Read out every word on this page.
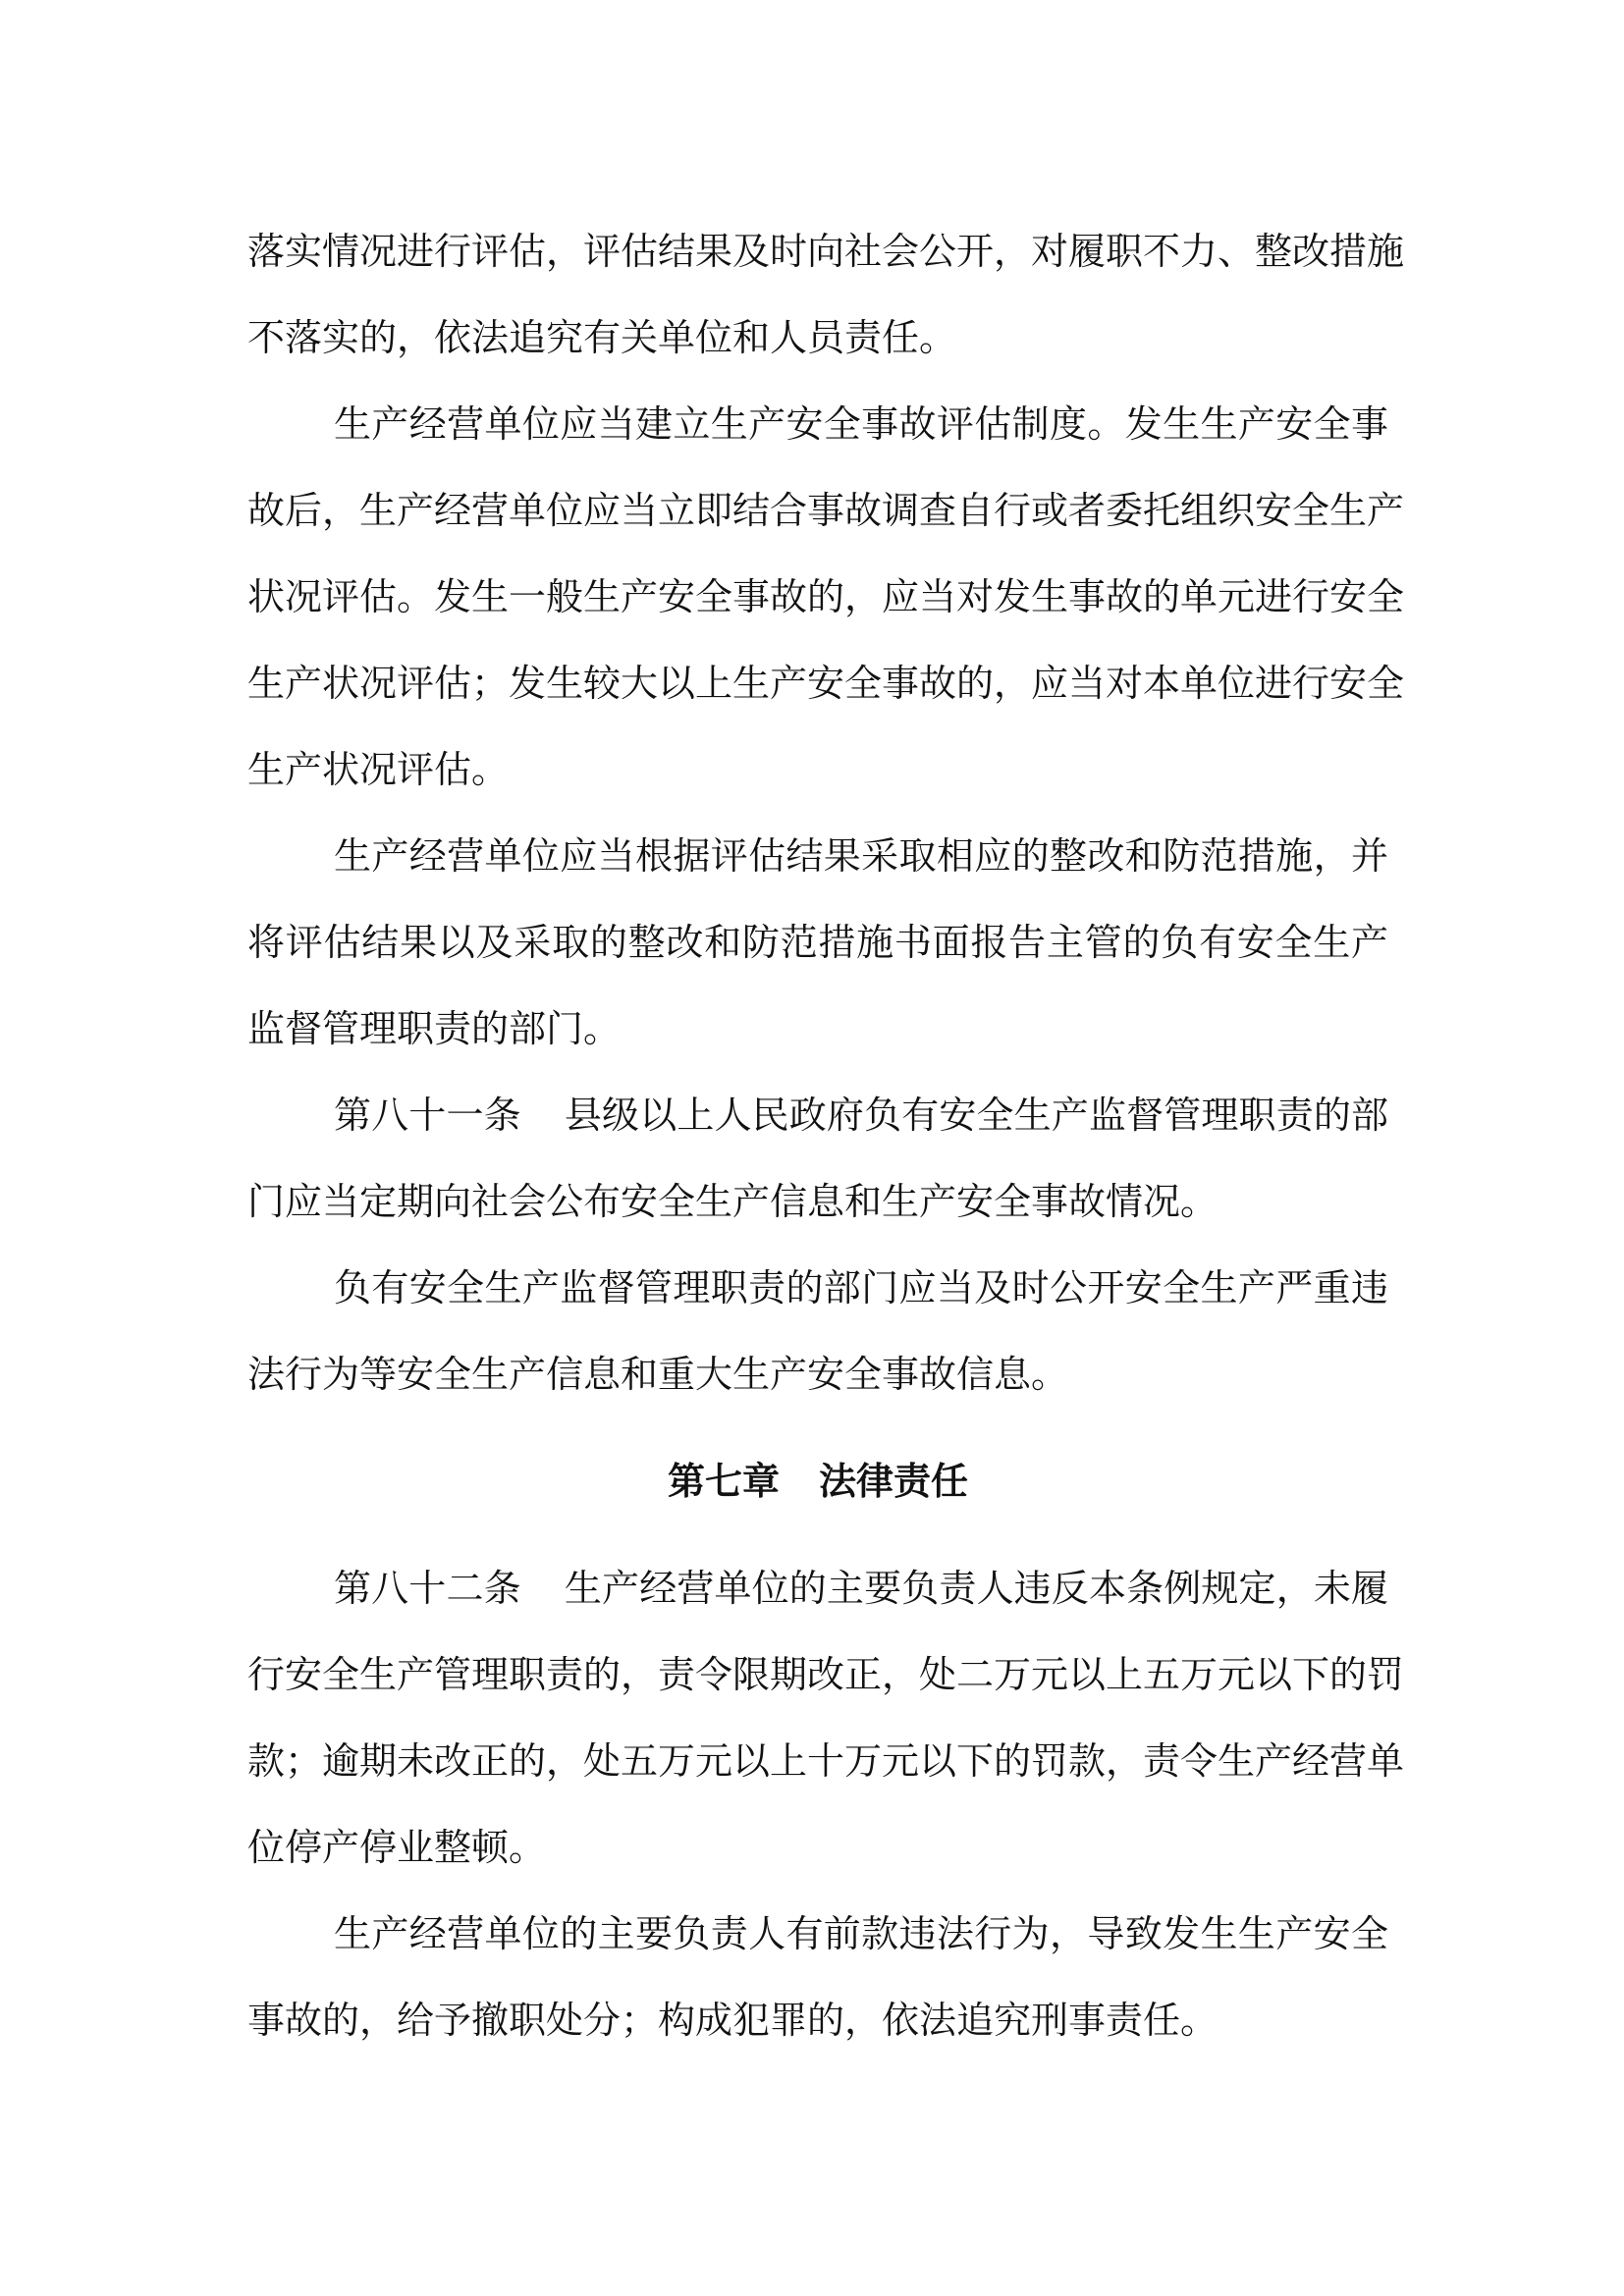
落实情况进行评估，评估结果及时向社会公开，对履职不力、整改措施
不落实的，依法追究有关单位和人员责任。
生产经营单位应当建立生产安全事故评估制度。发生生产安全事
故后，生产经营单位应当立即结合事故调查自行或者委托组织安全生产
状况评估。发生一般生产安全事故的，应当对发生事故的单元进行安全
生产状况评估；发生较大以上生产安全事故的，应当对本单位进行安全
生产状况评估。
生产经营单位应当根据评估结果采取相应的整改和防范措施，并
将评估结果以及采取的整改和防范措施书面报告主管的负有安全生产
监督管理职责的部门。
第八十一条 县级以上人民政府负有安全生产监督管理职责的部
门应当定期向社会公布安全生产信息和生产安全事故情况。
负有安全生产监督管理职责的部门应当及时公开安全生产严重违
法行为等安全生产信息和重大生产安全事故信息。
第七章 法律责任
第八十二条 生产经营单位的主要负责人违反本条例规定，未履
行安全生产管理职责的，责令限期改正，处二万元以上五万元以下的罚
款；逾期未改正的，处五万元以上十万元以下的罚款，责令生产经营单
位停产停业整顿。
生产经营单位的主要负责人有前款违法行为，导致发生生产安全
事故的，给予撤职处分；构成犯罪的，依法追究刑事责任。
